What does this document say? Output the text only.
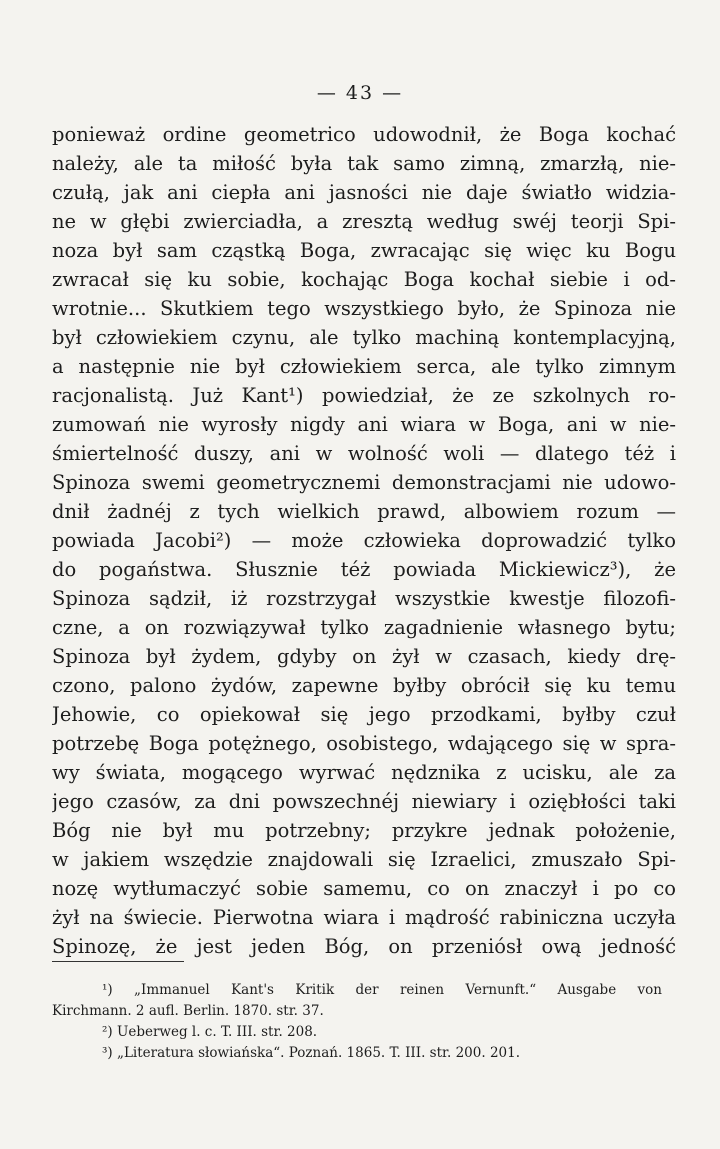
— 43 —
ponieważ ordine geometrico udowodnił, że Boga kochać
należy, ale ta miłość była tak samo zimną, zmarzłą, nie-
czułą, jak ani ciepła ani jasności nie daje światło widzia-
ne w głębi zwierciadła, a zresztą według swéj teorji Spi-
noza był sam cząstką Boga, zwracając się więc ku Bogu
zwracał się ku sobie, kochając Boga kochał siebie i od-
wrotnie... Skutkiem tego wszystkiego było, że Spinoza nie
był człowiekiem czynu, ale tylko machiną kontemplacyjną,
a następnie nie był człowiekiem serca, ale tylko zimnym
racjonalistą. Już Kant¹) powiedział, że ze szkolnych ro-
zumowań nie wyrosły nigdy ani wiara w Boga, ani w nie-
śmiertelność duszy, ani w wolność woli — dlatego téż i
Spinoza swemi geometrycznemi demonstracjami nie udowo-
dnił żadnéj z tych wielkich prawd, albowiem rozum —
powiada Jacobi²) — może człowieka doprowadzić tylko
do pogaństwa. Słusznie téż powiada Mickiewicz³), że
Spinoza sądził, iż rozstrzygał wszystkie kwestje filozofi-
czne, a on rozwiązywał tylko zagadnienie własnego bytu;
Spinoza był żydem, gdyby on żył w czasach, kiedy drę-
czono, palono żydów, zapewne byłby obrócił się ku temu
Jehowie, co opiekował się jego przodkami, byłby czuł
potrzebę Boga potężnego, osobistego, wdającego się w spra-
wy świata, mogącego wyrwać nędznika z ucisku, ale za
jego czasów, za dni powszechnéj niewiary i oziębłości taki
Bóg nie był mu potrzebny; przykre jednak położenie,
w jakiem wszędzie znajdowali się Izraelici, zmuszało Spi-
nozę wytłumaczyć sobie samemu, co on znaczył i po co
żył na świecie. Pierwotna wiara i mądrość rabiniczna uczyła
Spinozę, że jest jeden Bóg, on przeniósł ową jedność
¹) „Immanuel Kant's Kritik der reinen Vernunft.“ Ausgabe von
Kirchmann. 2 aufl. Berlin. 1870. str. 37.
²) Ueberweg l. c. T. III. str. 208.
³) „Literatura słowiańska“. Poznań. 1865. T. III. str. 200. 201.
